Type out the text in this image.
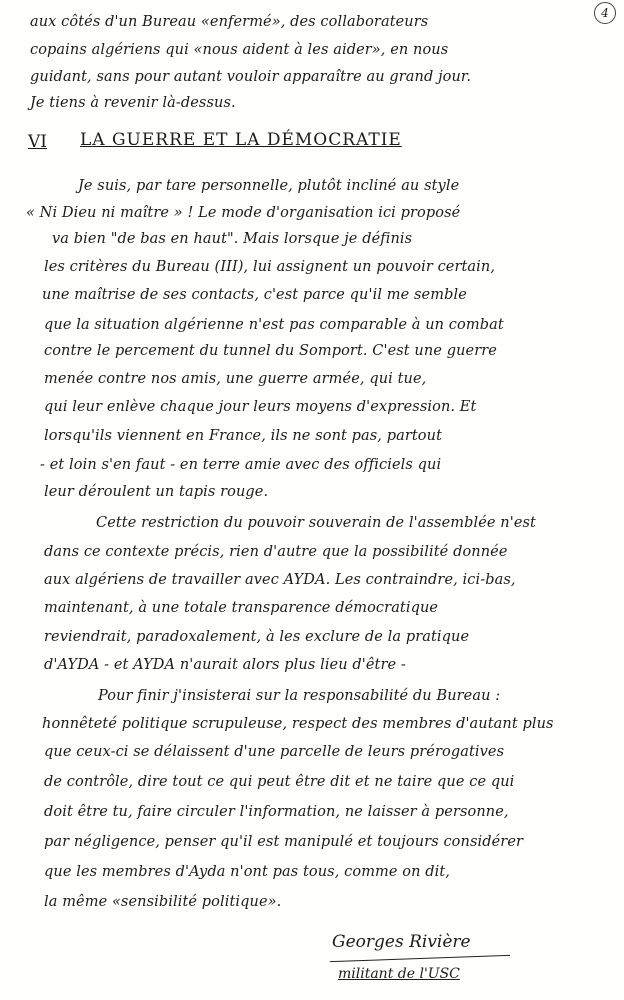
4
aux côtés d'un Bureau «enfermé», des collaborateurs
copains algériens qui «nous aident à les aider», en nous
guidant, sans pour autant vouloir apparaître au grand jour.
Je tiens à revenir là-dessus.
VI LA GUERRE ET LA DÉMOCRATIE
Je suis, par tare personnelle, plutôt incliné au style
« Ni Dieu ni maître » ! Le mode d'organisation ici proposé
va bien "de bas en haut". Mais lorsque je définis
les critères du Bureau (III), lui assignent un pouvoir certain,
une maîtrise de ses contacts, c'est parce qu'il me semble
que la situation algérienne n'est pas comparable à un combat
contre le percement du tunnel du Somport. C'est une guerre
menée contre nos amis, une guerre armée, qui tue,
qui leur enlève chaque jour leurs moyens d'expression. Et
lorsqu'ils viennent en France, ils ne sont pas, partout
- et loin s'en faut - en terre amie avec des officiels qui
leur déroulent un tapis rouge.
Cette restriction du pouvoir souverain de l'assemblée n'est
dans ce contexte précis, rien d'autre que la possibilité donnée
aux algériens de travailler avec AYDA. Les contraindre, ici-bas,
maintenant, à une totale transparence démocratique
reviendrait, paradoxalement, à les exclure de la pratique
d'AYDA - et AYDA n'aurait alors plus lieu d'être -
Pour finir j'insisterai sur la responsabilité du Bureau :
honnêteté politique scrupuleuse, respect des membres d'autant plus
que ceux-ci se délaissent d'une parcelle de leurs prérogatives
de contrôle, dire tout ce qui peut être dit et ne taire que ce qui
doit être tu, faire circuler l'information, ne laisser à personne,
par négligence, penser qu'il est manipulé et toujours considérer
que les membres d'Ayda n'ont pas tous, comme on dit,
la même «sensibilité politique».
Georges Rivière
militant de l'USC
